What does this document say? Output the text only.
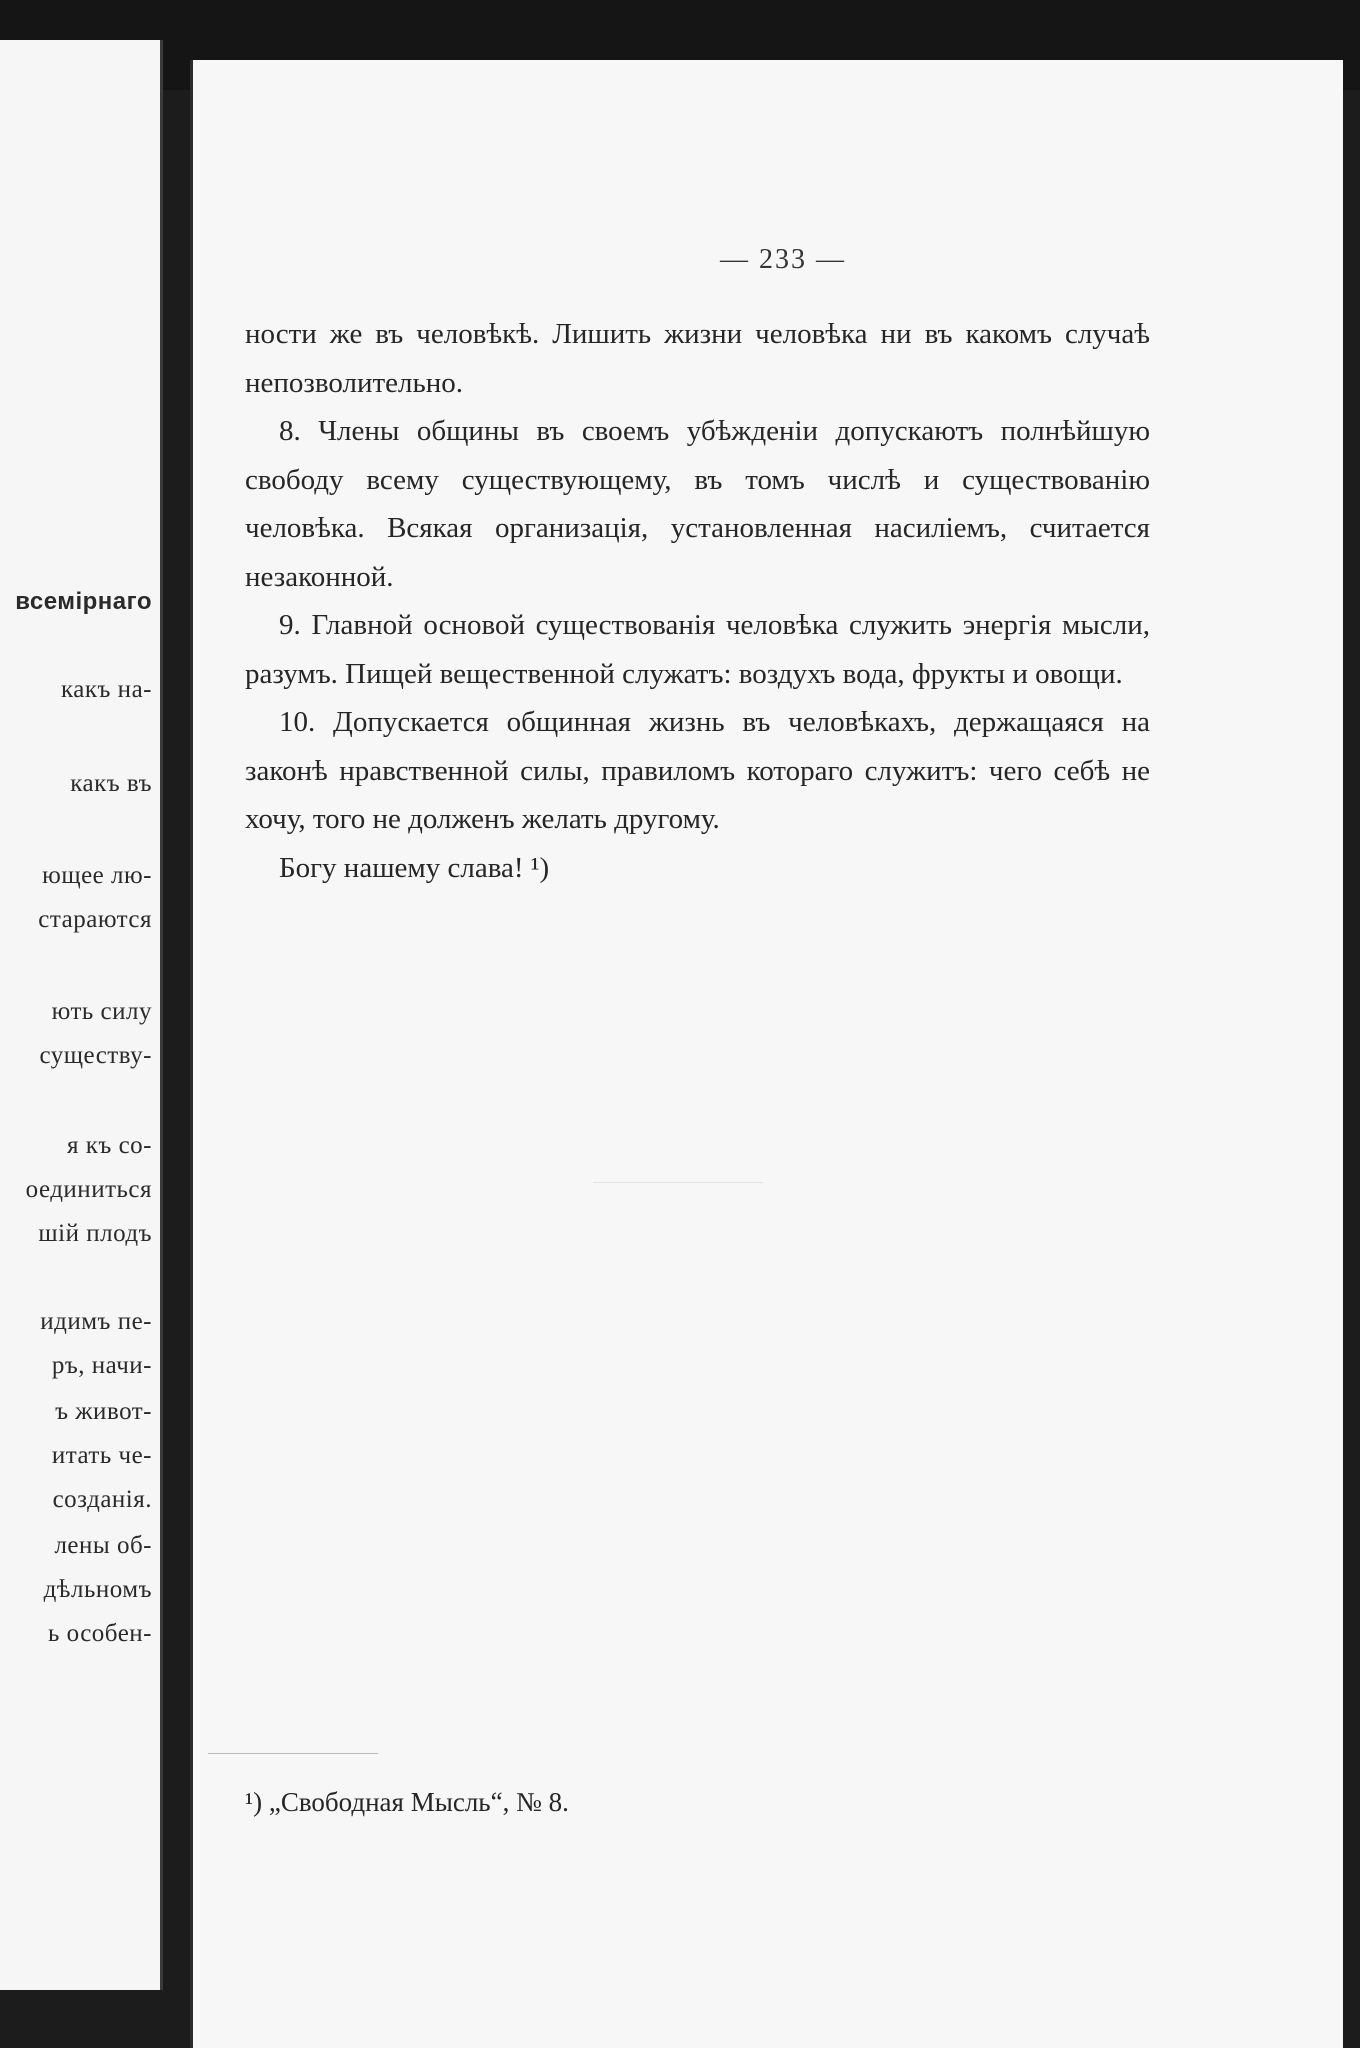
всемірнаго
какъ на-
какъ въ
ющее лю-
стараются
ють силу
существу-
я къ со-
оединиться
шій плодъ
идимъ пе-
ръ, начи-
ъ живот-
итать че-
созданія.
лены об-
дѣльномъ
ь особен-
— 233 —

ности же въ человѣкѣ. Лишить жизни человѣка ни въ какомъ случаѣ непозволительно.

8. Члены общины въ своемъ убѣжденіи допускаютъ полнѣйшую свободу всему существующему, въ томъ числѣ и существованію человѣка. Всякая организація, установленная насиліемъ, считается незаконной.

9. Главной основой существованія человѣка служить энергія мысли, разумъ. Пищей вещественной служатъ: воздухъ вода, фрукты и овощи.

10. Допускается общинная жизнь въ человѣкахъ, держащаяся на законѣ нравственной силы, правиломъ котораго служитъ: чего себѣ не хочу, того не долженъ желать другому.

Богу нашему слава! ¹)

¹) „Свободная Мысль“, № 8.
